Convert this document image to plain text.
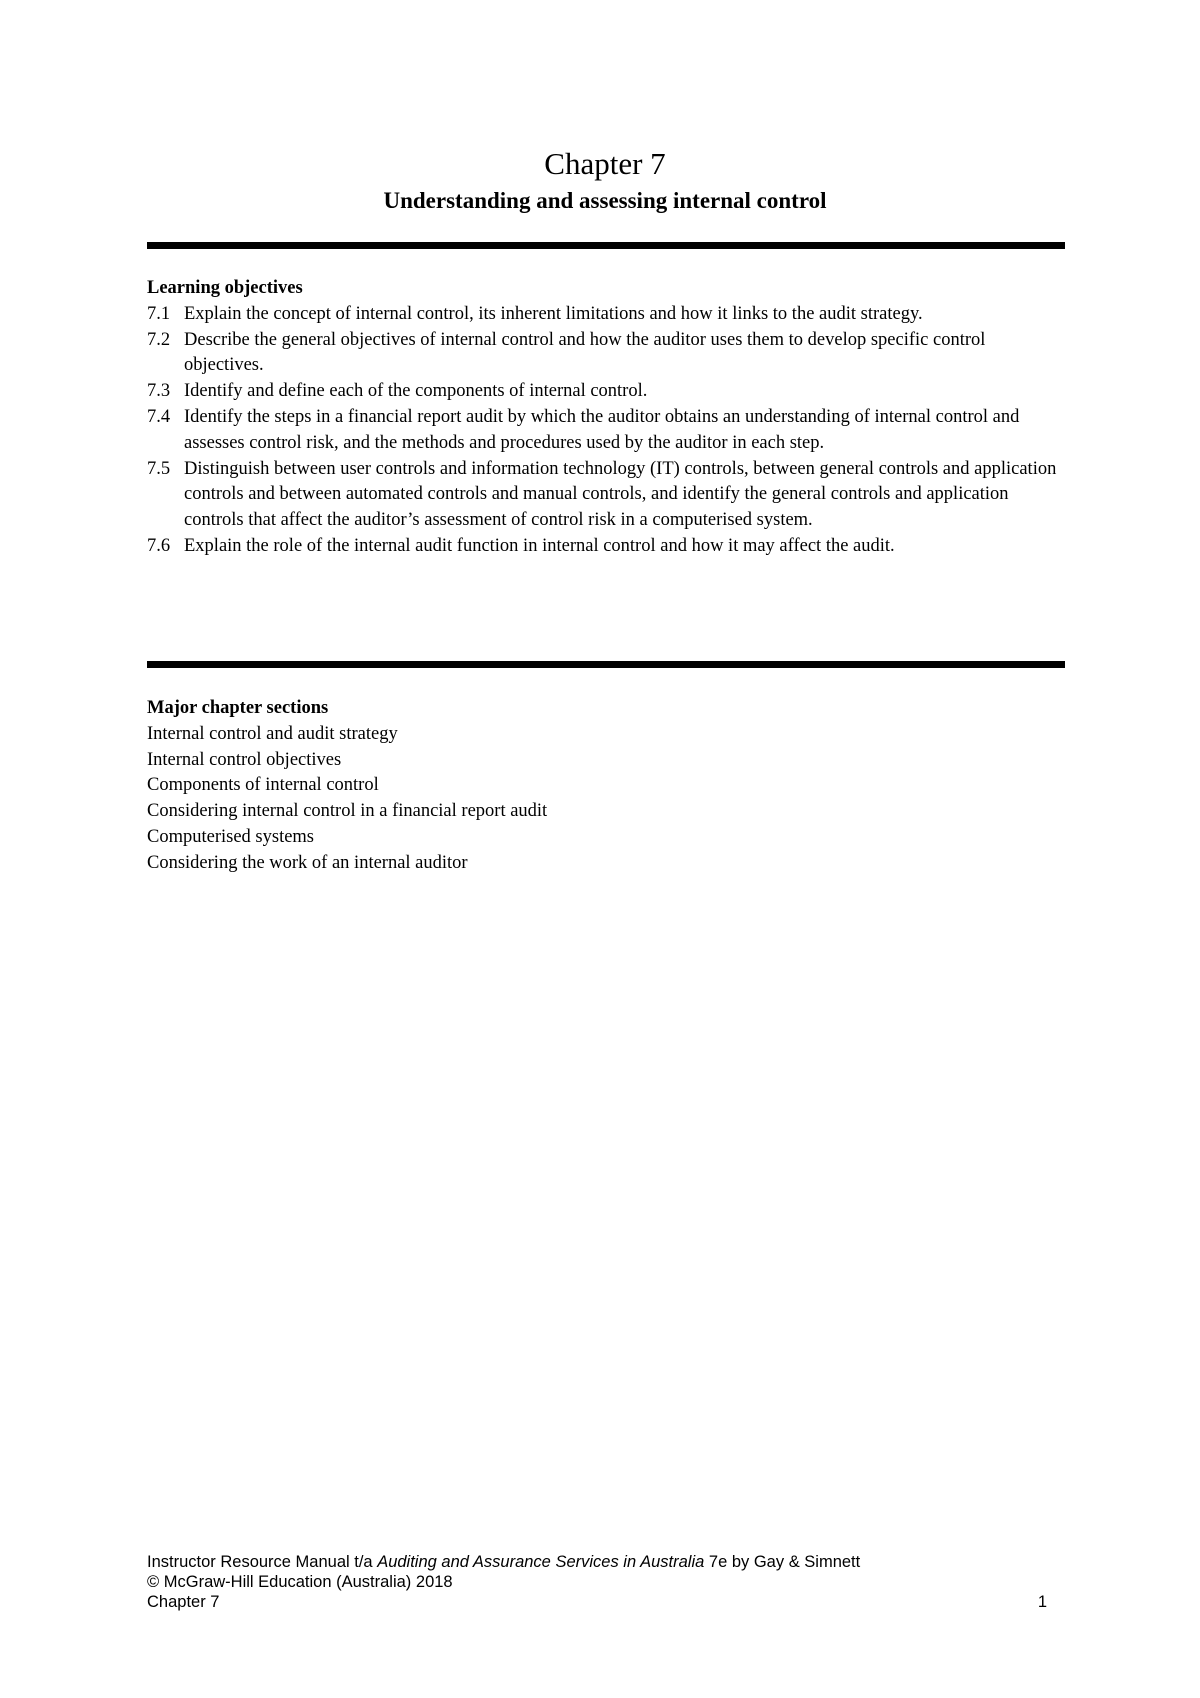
Chapter 7
Understanding and assessing internal control
Learning objectives
7.1 Explain the concept of internal control, its inherent limitations and how it links to the audit strategy.
7.2 Describe the general objectives of internal control and how the auditor uses them to develop specific control objectives.
7.3 Identify and define each of the components of internal control.
7.4 Identify the steps in a financial report audit by which the auditor obtains an understanding of internal control and assesses control risk, and the methods and procedures used by the auditor in each step.
7.5 Distinguish between user controls and information technology (IT) controls, between general controls and application controls and between automated controls and manual controls, and identify the general controls and application controls that affect the auditor’s assessment of control risk in a computerised system.
7.6 Explain the role of the internal audit function in internal control and how it may affect the audit.
Major chapter sections
Internal control and audit strategy
Internal control objectives
Components of internal control
Considering internal control in a financial report audit
Computerised systems
Considering the work of an internal auditor
Instructor Resource Manual t/a Auditing and Assurance Services in Australia 7e by Gay & Simnett
© McGraw-Hill Education (Australia) 2018
Chapter 7	1
